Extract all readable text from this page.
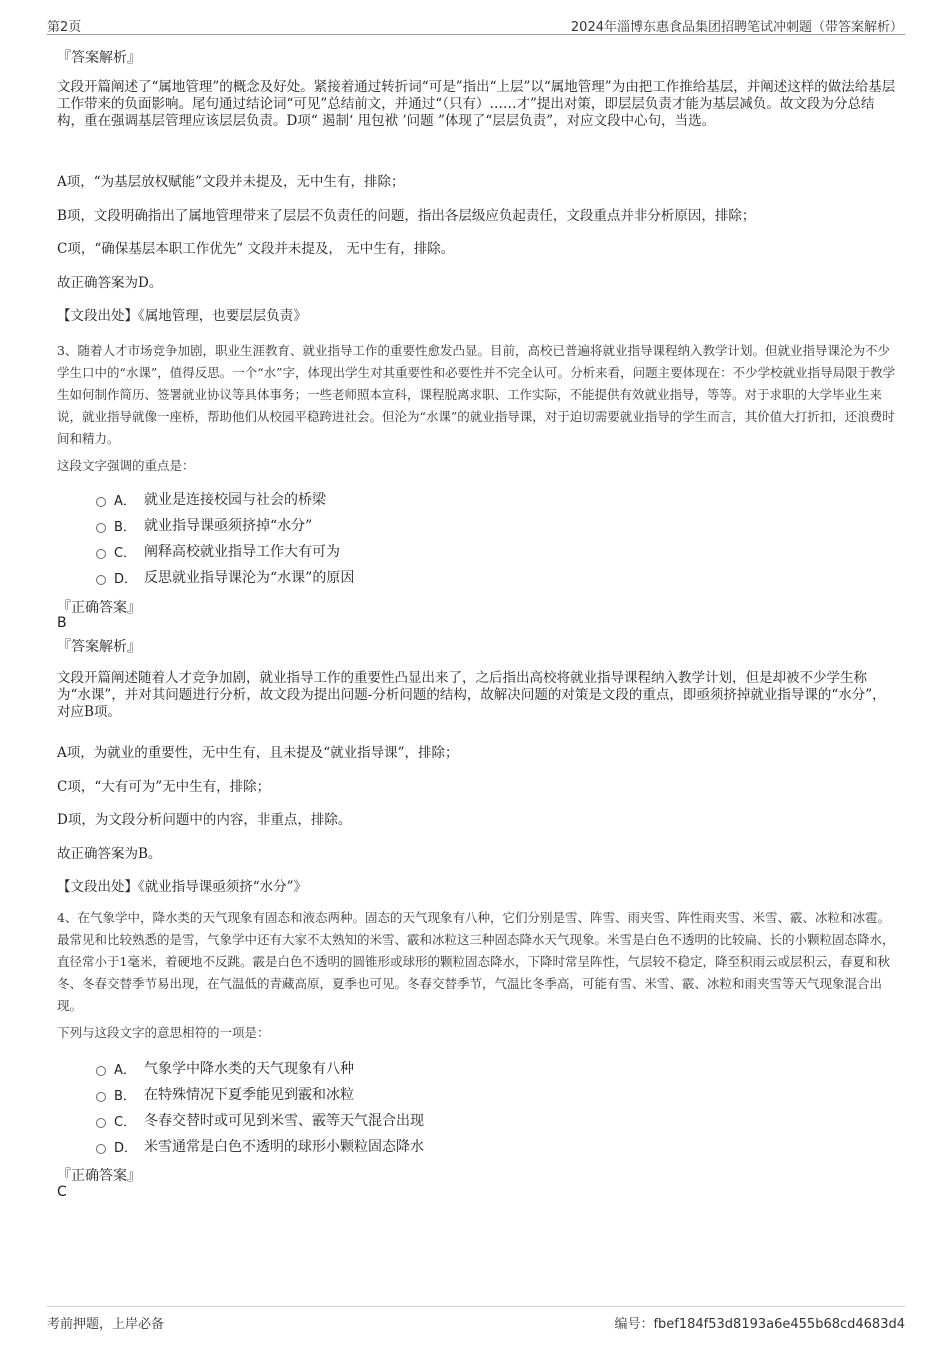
第2页	2024年淄博东惠食品集团招聘笔试冲刺题（带答案解析）
『答案解析』
文段开篇阐述了“属地管理”的概念及好处。紧接着通过转折词“可是”指出“上层”以“属地管理”为由把工作推给基层，并阐述这样的做法给基层工作带来的负面影响。尾句通过结论词“可见”总结前文，并通过“（只有）……才”提出对策，即层层负责才能为基层减负。故文段为分总结构，重在强调基层管理应该层层负责。D项“ 遏制‘ 甩包袱 ’问题 ”体现了“层层负责”，对应文段中心句，当选。
A项，“为基层放权赋能”文段并未提及，无中生有，排除；
B项，文段明确指出了属地管理带来了层层不负责任的问题，指出各层级应负起责任，文段重点并非分析原因，排除；
C项，“确保基层本职工作优先” 文段并未提及， 无中生有，排除。
故正确答案为D。
【文段出处】《属地管理，也要层层负责》
3、随着人才市场竞争加剧，职业生涯教育、就业指导工作的重要性愈发凸显。目前，高校已普遍将就业指导课程纳入教学计划。但就业指导课沦为不少学生口中的“水课”，值得反思。一个“水”字，体现出学生对其重要性和必要性并不完全认可。分析来看，问题主要体现在：不少学校就业指导局限于教学生如何制作简历、签署就业协议等具体事务；一些老师照本宣科，课程脱离求职、工作实际，不能提供有效就业指导，等等。对于求职的大学毕业生来说，就业指导就像一座桥，帮助他们从校园平稳跨进社会。但沦为“水课”的就业指导课，对于迫切需要就业指导的学生而言，其价值大打折扣，还浪费时间和精力。
这段文字强调的重点是：
A． 就业是连接校园与社会的桥梁
B． 就业指导课亟须挤掉“水分”
C． 阐释高校就业指导工作大有可为
D． 反思就业指导课沦为“水课”的原因
『正确答案』
B
『答案解析』
文段开篇阐述随着人才竞争加剧，就业指导工作的重要性凸显出来了，之后指出高校将就业指导课程纳入教学计划，但是却被不少学生称为“水课”，并对其问题进行分析，故文段为提出问题-分析问题的结构，故解决问题的对策是文段的重点，即亟须挤掉就业指导课的“水分”，对应B项。
A项，为就业的重要性，无中生有，且未提及“就业指导课”，排除；
C项，“大有可为”无中生有，排除；
D项，为文段分析问题中的内容，非重点，排除。
故正确答案为B。
【文段出处】《就业指导课亟须挤“水分”》
4、在气象学中，降水类的天气现象有固态和液态两种。固态的天气现象有八种，它们分别是雪、阵雪、雨夹雪、阵性雨夹雪、米雪、霰、冰粒和冰雹。最常见和比较熟悉的是雪，气象学中还有大家不太熟知的米雪、霰和冰粒这三种固态降水天气现象。米雪是白色不透明的比较扁、长的小颗粒固态降水，直径常小于1毫米，着硬地不反跳。霰是白色不透明的圆锥形或球形的颗粒固态降水，下降时常呈阵性，气层较不稳定，降至积雨云或层积云，春夏和秋冬、冬春交替季节易出现，在气温低的青藏高原，夏季也可见。冬春交替季节，气温比冬季高，可能有雪、米雪、霰、冰粒和雨夹雪等天气现象混合出现。
下列与这段文字的意思相符的一项是：
A． 气象学中降水类的天气现象有八种
B． 在特殊情况下夏季能见到霰和冰粒
C． 冬春交替时或可见到米雪、霰等天气混合出现
D． 米雪通常是白色不透明的球形小颗粒固态降水
『正确答案』
C
考前押题，上岸必备	编号：fbef184f53d8193a6e455b68cd4683d4
